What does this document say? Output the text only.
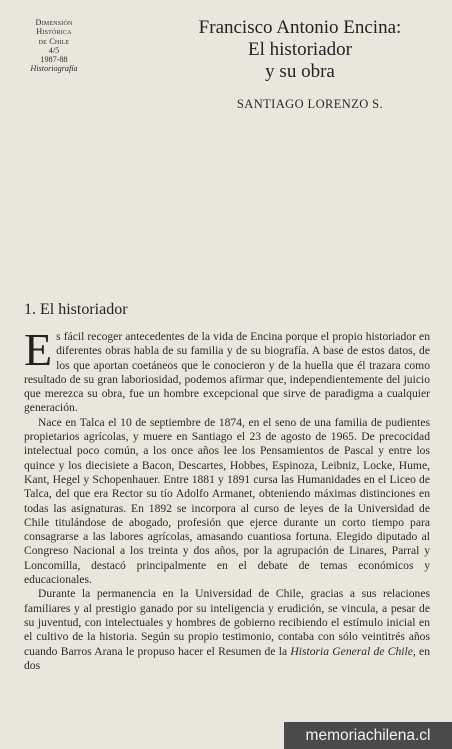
Dimensión
Histórica
de Chile
4/5
1987-88
Historiografía
Francisco Antonio Encina:
El historiador
y su obra
SANTIAGO LORENZO S.
1. El historiador

Es fácil recoger antecedentes de la vida de Encina porque el propio historiador en diferentes obras habla de su familia y de su biografía. A base de estos datos, de los que aportan coetáneos que le conocieron y de la huella que él trazara como resultado de su gran laboriosidad, podemos afirmar que, independientemente del juicio que merezca su obra, fue un hombre excepcional que sirve de paradigma a cualquier generación.

Nace en Talca el 10 de septiembre de 1874, en el seno de una familia de pudientes propietarios agrícolas, y muere en Santiago el 23 de agosto de 1965. De precocidad intelectual poco común, a los once años lee los Pensamientos de Pascal y entre los quince y los diecisiete a Bacon, Descartes, Hobbes, Espinoza, Leibniz, Locke, Hume, Kant, Hegel y Schopenhauer. Entre 1881 y 1891 cursa las Humanidades en el Liceo de Talca, del que era Rector su tío Adolfo Armanet, obteniendo máximas distinciones en todas las asignaturas. En 1892 se incorpora al curso de leyes de la Universidad de Chile titulándose de abogado, profesión que ejerce durante un corto tiempo para consagrarse a las labores agrícolas, amasando cuantiosa fortuna. Elegido diputado al Congreso Nacional a los treinta y dos años, por la agrupación de Linares, Parral y Loncomilla, destacó principalmente en el debate de temas económicos y educacionales.

Durante la permanencia en la Universidad de Chile, gracias a sus relaciones familiares y al prestigio ganado por su inteligencia y erudición, se vincula, a pesar de su juventud, con intelectuales y hombres de gobierno recibiendo el estímulo inicial en el cultivo de la historia. Según su propio testimonio, contaba con sólo veintitrés años cuando Barros Arana le propuso hacer el Resumen de la Historia General de Chile, en dos

memoriachilena.cl
